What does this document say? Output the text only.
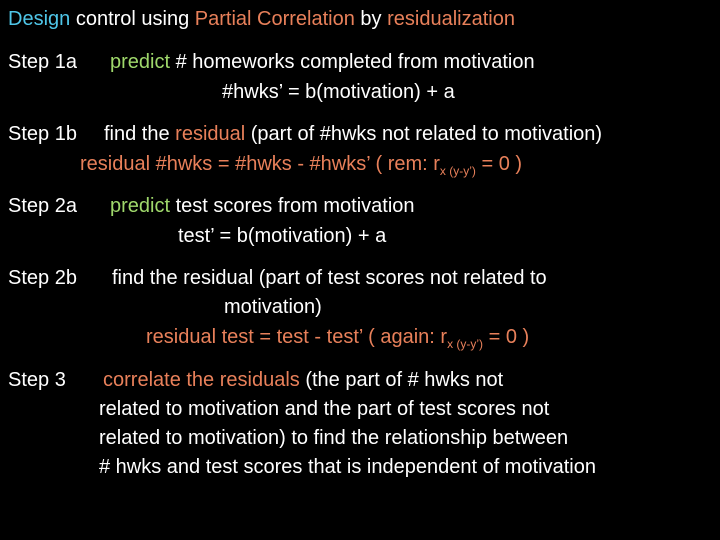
Design control using Partial Correlation by residualization
Step 1a predict # homeworks completed from motivation
#hwks’ = b(motivation) + a
Step 1b find the residual (part of #hwks not related to motivation)
residual #hwks = #hwks - #hwks’ ( rem: $r_{x (y-y’)} = 0$ )
Step 2a predict test scores from motivation
test’ = b(motivation) + a
Step 2b find the residual (part of test scores not related to
motivation)
residual test = test - test’ ( again: $r_{x (y-y’)} = 0$ )
Step 3 correlate the residuals (the part of # hwks not
related to motivation and the part of test scores not
related to motivation) to find the relationship between
# hwks and test scores that is independent of motivation
